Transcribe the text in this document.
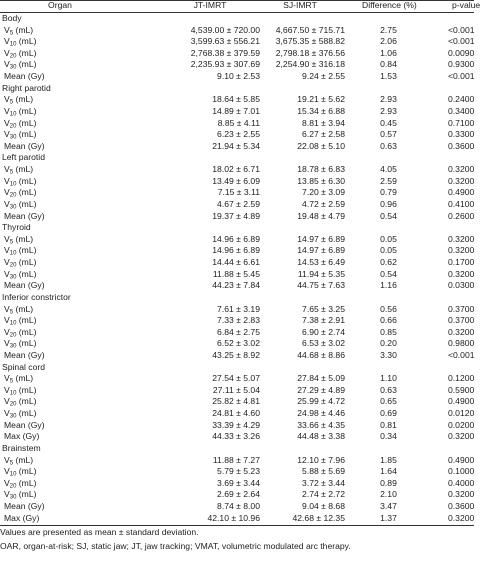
Organ	JT-IMRT	SJ-IMRT	Difference (%)	p-value
Body
$V_5$ (mL)	4,539.00 ± 720.00	4,667.50 ± 715.71	2.75	<0.001
$V_{10}$ (mL)	3,599.63 ± 556.21	3,675.35 ± 588.82	2.06	<0.001
$V_{20}$ (mL)	2,768.38 ± 379.59	2,798.18 ± 376.56	1.06	0.0090
$V_{30}$ (mL)	2,235.93 ± 307.69	2,254.90 ± 316.18	0.84	0.9300
Mean (Gy)	9.10 ± 2.53	9.24 ± 2.55	1.53	<0.001
Right parotid
$V_5$ (mL)	18.64 ± 5.85	19.21 ± 5.62	2.93	0.2400
$V_{10}$ (mL)	14.89 ± 7.01	15.34 ± 6.88	2.93	0.3400
$V_{20}$ (mL)	8.85 ± 4.11	8.81 ± 3.94	0.45	0.7100
$V_{30}$ (mL)	6.23 ± 2.55	6.27 ± 2.58	0.57	0.3300
Mean (Gy)	21.94 ± 5.34	22.08 ± 5.10	0.63	0.3600
Left parotid
$V_5$ (mL)	18.02 ± 6.71	18.78 ± 6.83	4.05	0.3200
$V_{10}$ (mL)	13.49 ± 6.09	13.85 ± 6.30	2.59	0.3200
$V_{20}$ (mL)	7.15 ± 3.11	7.20 ± 3.09	0.79	0.4900
$V_{30}$ (mL)	4.67 ± 2.59	4.72 ± 2.59	0.96	0.4100
Mean (Gy)	19.37 ± 4.89	19.48 ± 4.79	0.54	0.2600
Thyroid
$V_5$ (mL)	14.96 ± 6.89	14.97 ± 6.89	0.05	0.3200
$V_{10}$ (mL)	14.96 ± 6.89	14.97 ± 6.89	0.05	0.3200
$V_{20}$ (mL)	14.44 ± 6.61	14.53 ± 6.49	0.62	0.1700
$V_{30}$ (mL)	11.88 ± 5.45	11.94 ± 5.35	0.54	0.3200
Mean (Gy)	44.23 ± 7.84	44.75 ± 7.63	1.16	0.0300
Inferior constrictor
$V_5$ (mL)	7.61 ± 3.19	7.65 ± 3.25	0.56	0.3700
$V_{10}$ (mL)	7.33 ± 2.83	7.38 ± 2.91	0.66	0.3700
$V_{20}$ (mL)	6.84 ± 2.75	6.90 ± 2.74	0.85	0.3200
$V_{30}$ (mL)	6.52 ± 3.02	6.53 ± 3.02	0.20	0.9800
Mean (Gy)	43.25 ± 8.92	44.68 ± 8.86	3.30	<0.001
Spinal cord
$V_5$ (mL)	27.54 ± 5.07	27.84 ± 5.09	1.10	0.1200
$V_{10}$ (mL)	27.11 ± 5.04	27.29 ± 4.89	0.63	0.5900
$V_{20}$ (mL)	25.82 ± 4.81	25.99 ± 4.72	0.65	0.4900
$V_{30}$ (mL)	24.81 ± 4.60	24.98 ± 4.46	0.69	0.0120
Mean (Gy)	33.39 ± 4.29	33.66 ± 4.35	0.81	0.0200
Max (Gy)	44.33 ± 3.26	44.48 ± 3.38	0.34	0.3200
Brainstem
$V_5$ (mL)	11.88 ± 7.27	12.10 ± 7.96	1.85	0.4900
$V_{10}$ (mL)	5.79 ± 5.23	5.88 ± 5.69	1.64	0.1000
$V_{20}$ (mL)	3.69 ± 3.44	3.72 ± 3.44	0.89	0.4000
$V_{30}$ (mL)	2.69 ± 2.64	2.74 ± 2.72	2.10	0.3200
Mean (Gy)	8.74 ± 8.00	9.04 ± 8.68	3.47	0.3600
Max (Gy)	42.10 ± 10.96	42.68 ± 12.35	1.37	0.3200
Values are presented as mean ± standard deviation.
OAR, organ-at-risk; SJ, static jaw; JT, jaw tracking; VMAT, volumetric modulated arc therapy.
